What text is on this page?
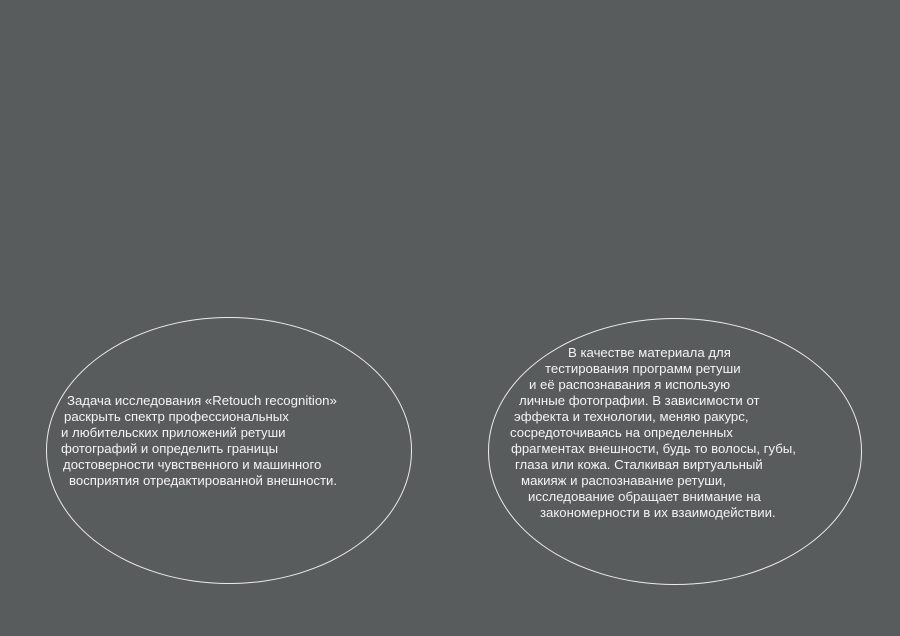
Задача исследования «Retouch recognition»
раскрыть спектр профессиональных
и любительских приложений ретуши
фотографий и определить границы
достоверности чувственного и машинного
восприятия отредактированной внешности.
В качестве материала для
тестирования программ ретуши
и её распознавания я использую
личные фотографии. В зависимости от
эффекта и технологии, меняю ракурс,
сосредоточиваясь на определенных
фрагментах внешности, будь то волосы, губы,
глаза или кожа. Сталкивая виртуальный
макияж и распознавание ретуши,
исследование обращает внимание на
закономерности в их взаимодействии.
